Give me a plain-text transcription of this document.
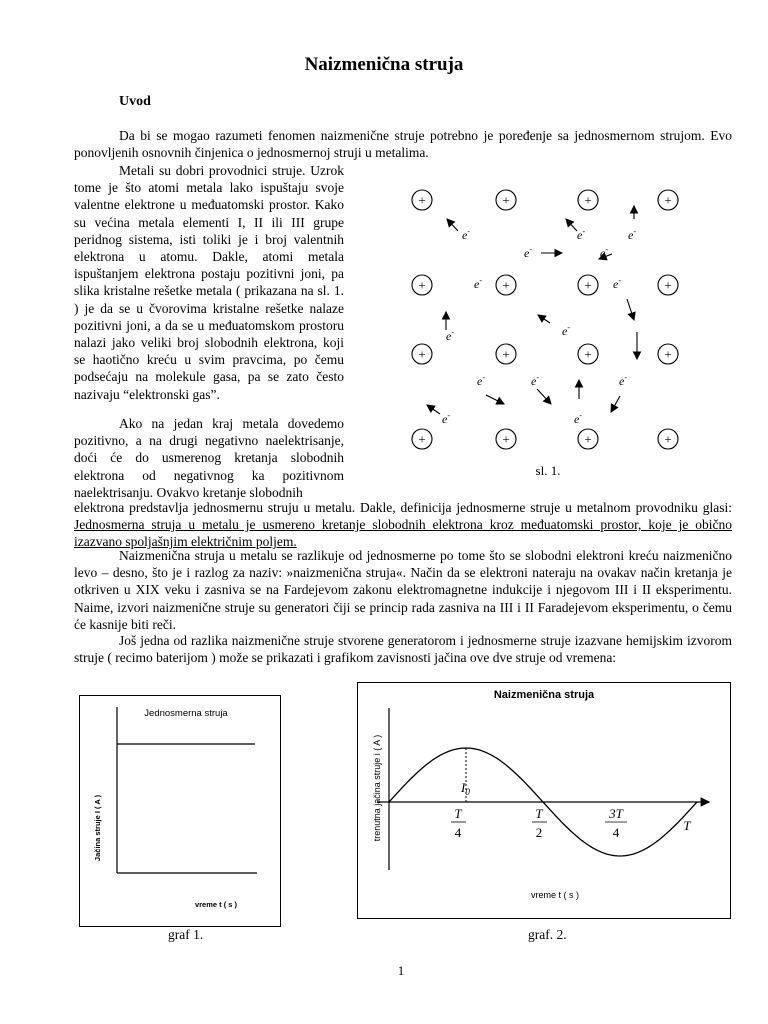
Naizmenična struja
Uvod

Da bi se mogao razumeti fenomen naizmenične struje potrebno je poređenje sa jednosmernom strujom. Evo ponovljenih osnovnih činjenica o jednosmernoj struji u metalima.

Metali su dobri provodnici struje. Uzrok tome je što atomi metala lako ispuštaju svoje valentne elektrone u međuatomski prostor. Kako su većina metala elementi I, II ili III grupe peridnog sistema, isti toliki je i broj valentnih elektrona u atomu. Dakle, atomi metala ispuštanjem elektrona postaju pozitivni joni, pa slika kristalne rešetke metala ( prikazana na sl. 1. ) je da se u čvorovima kristalne rešetke nalaze pozitivni joni, a da se u međuatomskom prostoru nalazi jako veliki broj slobodnih elektrona, koji se haotično kreću u svim pravcima, po čemu podsećaju na molekule gasa, pa se zato često nazivaju “elektronski gas”.

Ako na jedan kraj metala dovedemo pozitivno, a na drugi negativno naelektrisanje, doći će do usmerenog kretanja slobodnih elektrona od negativnog ka pozitivnom naelektrisanju. Ovakvo kretanje slobodnih

elektrona predstavlja jednosmernu struju u metalu. Dakle, definicija jednosmerne struje u metalnom provodniku glasi: Jednosmerna struja u metalu je usmereno kretanje slobodnih elektrona kroz međuatomski prostor, koje je obično izazvano spoljašnjim električnim poljem.

Naizmenična struja u metalu se razlikuje od jednosmerne po tome što se slobodni elektroni kreću naizmenično levo – desno, što je i razlog za naziv: »naizmenična struja«. Način da se elektroni nateraju na ovakav način kretanja je otkriven u XIX veku i zasniva se na Fardejevom zakonu elektromagnetne indukcije i njegovom III i II eksperimentu. Naime, izvori naizmenične struje su generatori čiji se princip rada zasniva na III i II Faradejevom eksperimentu, o čemu će kasnije biti reči.

Još jedna od razlika naizmenične struje stvorene generatorom i jednosmerne struje izazvane hemijskim izvorom struje ( recimo baterijom ) može se prikazati i grafikom zavisnosti jačina ove dve struje od vremena:

+	+	+	+
+	+	+	+
+	+	+	+
+	+	+	+
e-	e-	e-
e-	e-
e-	e-
e-	e-
e-	e-	e-
e-	e-
sl. 1.
Jednosmerna struja
Jačina struje I ( A )
vreme t ( s )
graf 1.
Naizmenična struja
$I_0$
T
4
T
2
3T
4	T
trenutna jačina struje i ( A )
vreme t ( s )
graf. 2.
1
